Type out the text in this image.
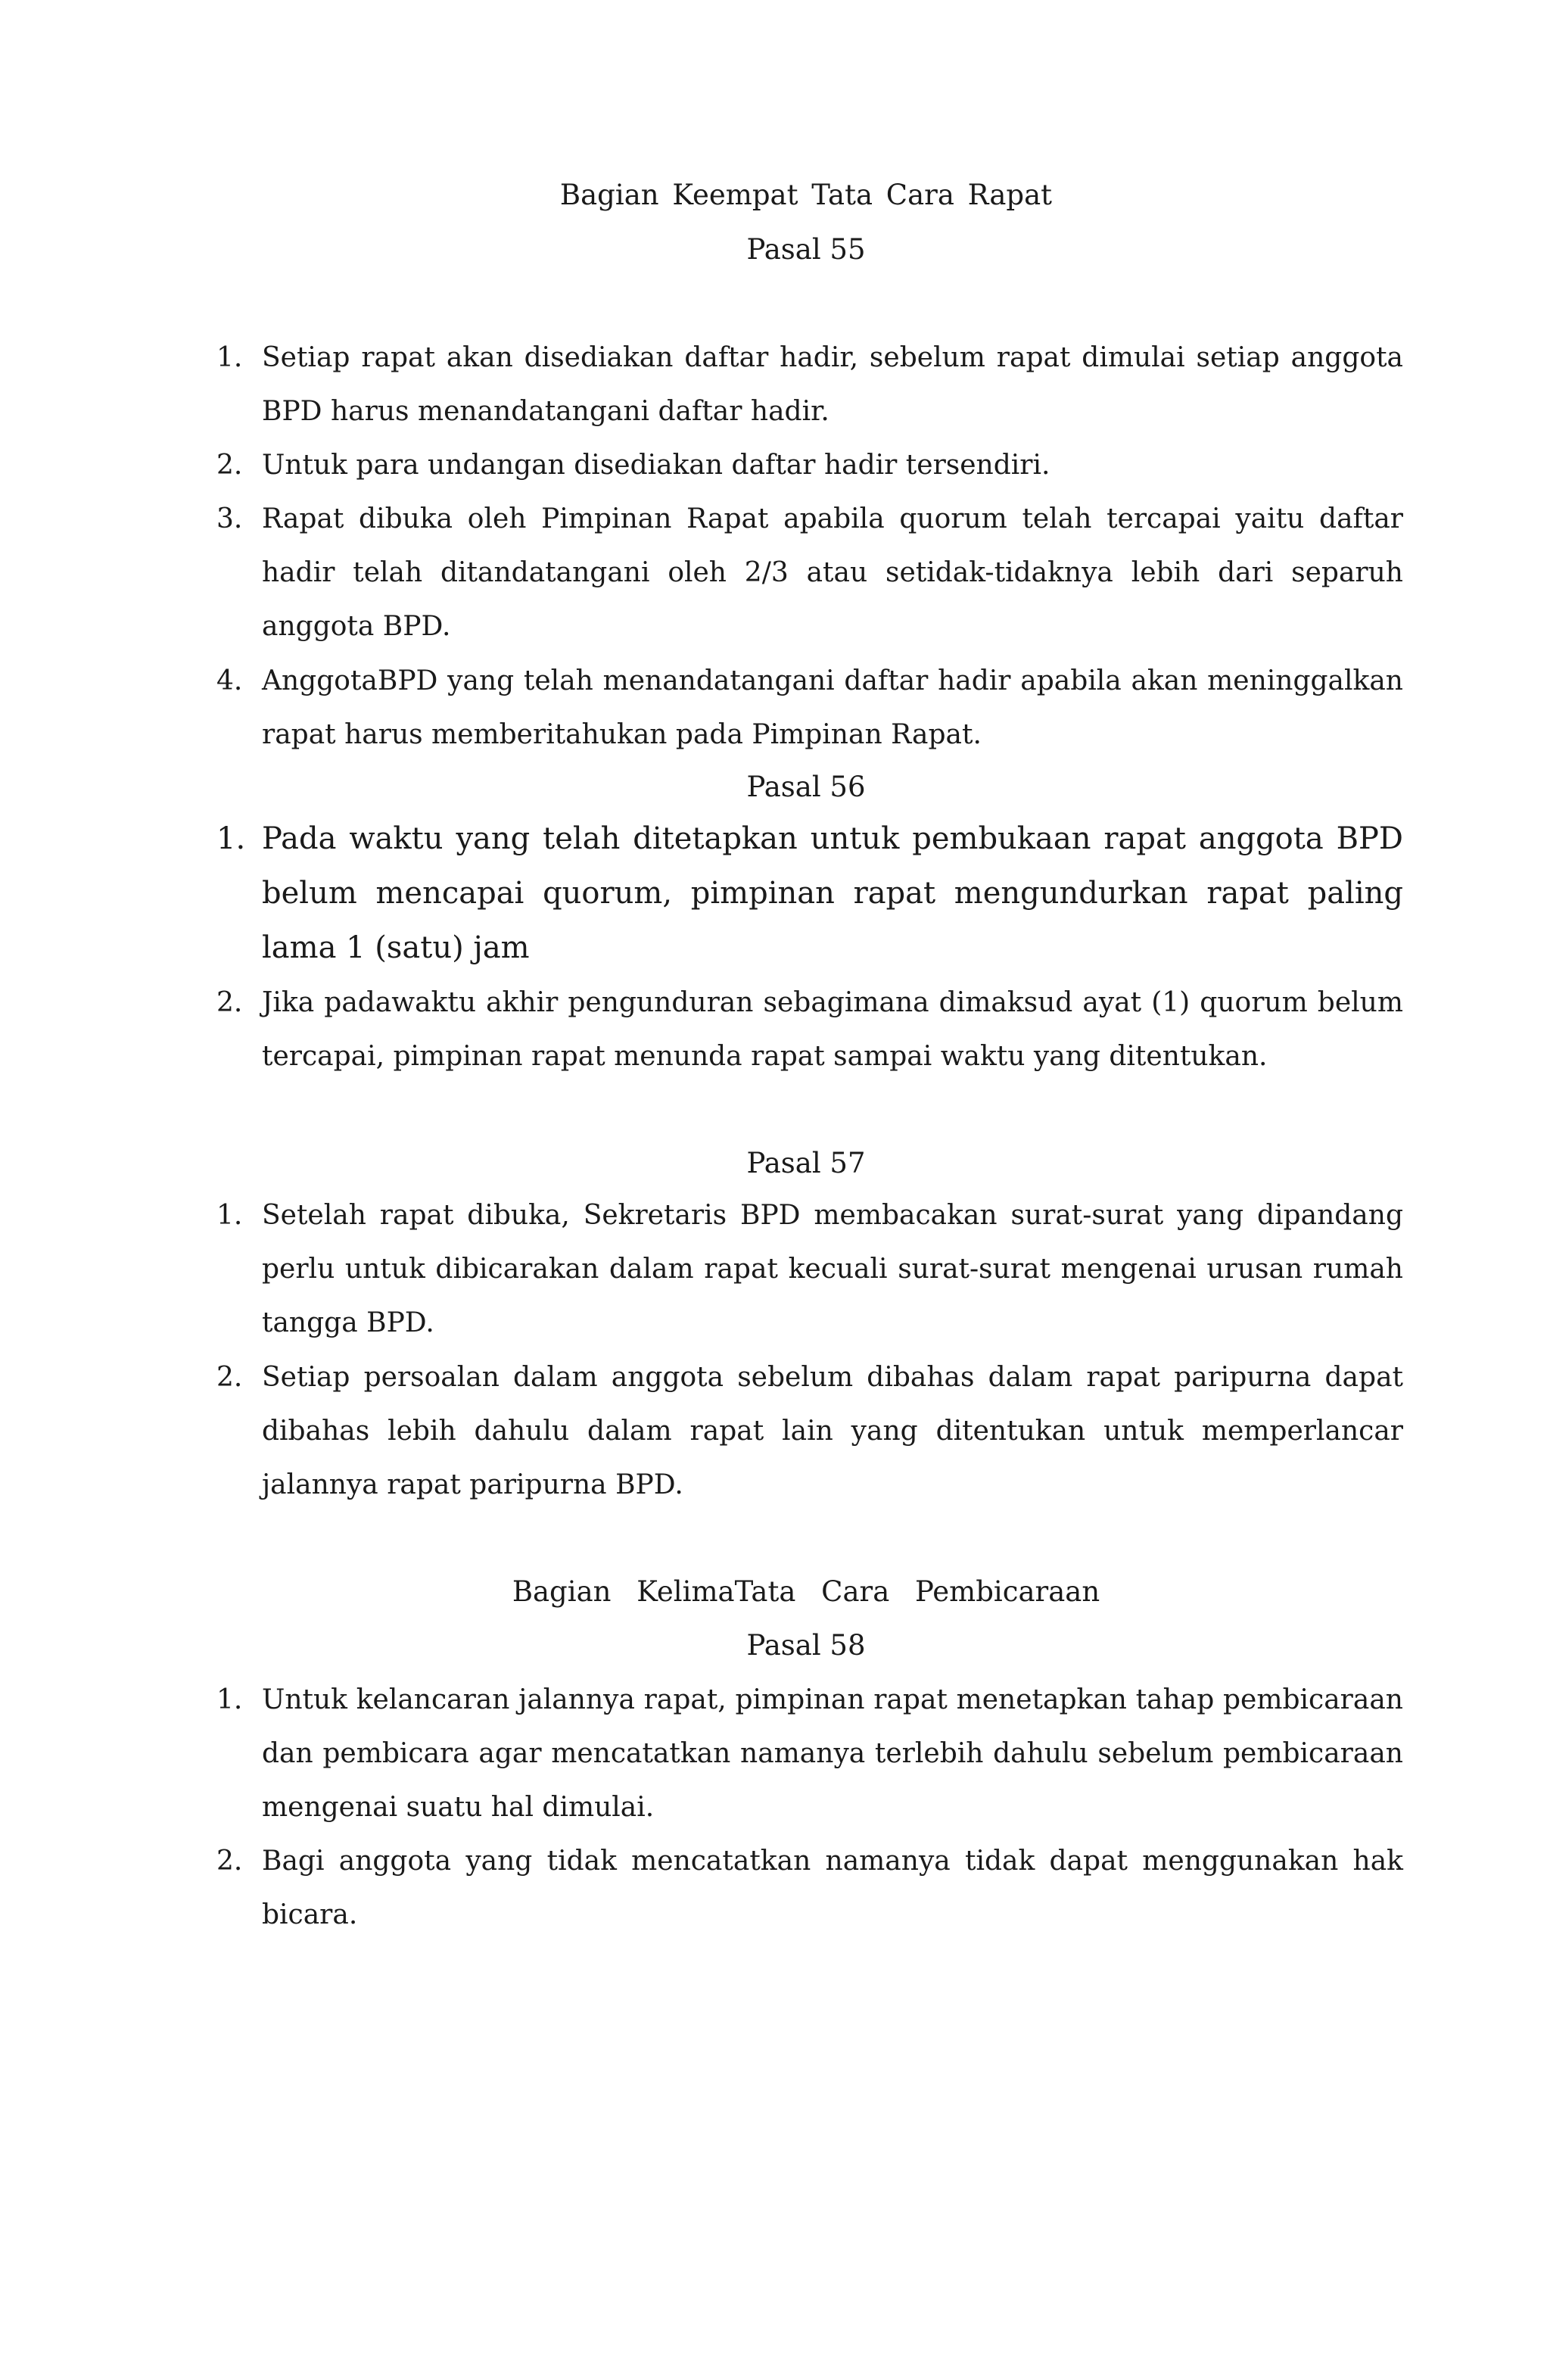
Bagian Keempat Tata Cara Rapat
Pasal 55
1. Setiap rapat akan disediakan daftar hadir, sebelum rapat dimulai setiap anggota BPD harus menandatangani daftar hadir.
2. Untuk para undangan disediakan daftar hadir tersendiri.
3. Rapat dibuka oleh Pimpinan Rapat apabila quorum telah tercapai yaitu daftar hadir telah ditandatangani oleh 2/3 atau setidak-tidaknya lebih dari separuh anggota BPD.
4. AnggotaBPD yang telah menandatangani daftar hadir apabila akan meninggalkan rapat harus memberitahukan pada Pimpinan Rapat.
Pasal 56
1. Pada waktu yang telah ditetapkan untuk pembukaan rapat anggota BPD belum mencapai quorum, pimpinan rapat mengundurkan rapat paling lama 1 (satu) jam
2. Jika padawaktu akhir pengunduran sebagimana dimaksud ayat (1) quorum belum tercapai, pimpinan rapat menunda rapat sampai waktu yang ditentukan.
Pasal 57
1. Setelah rapat dibuka, Sekretaris BPD membacakan surat-surat yang dipandang perlu untuk dibicarakan dalam rapat kecuali surat-surat mengenai urusan rumah tangga BPD.
2. Setiap persoalan dalam anggota sebelum dibahas dalam rapat paripurna dapat dibahas lebih dahulu dalam rapat lain yang ditentukan untuk memperlancar jalannya rapat paripurna BPD.
Bagian KelimaTata Cara Pembicaraan
Pasal 58
1. Untuk kelancaran jalannya rapat, pimpinan rapat menetapkan tahap pembicaraan dan pembicara agar mencatatkan namanya terlebih dahulu sebelum pembicaraan mengenai suatu hal dimulai.
2. Bagi anggota yang tidak mencatatkan namanya tidak dapat menggunakan hak bicara.
